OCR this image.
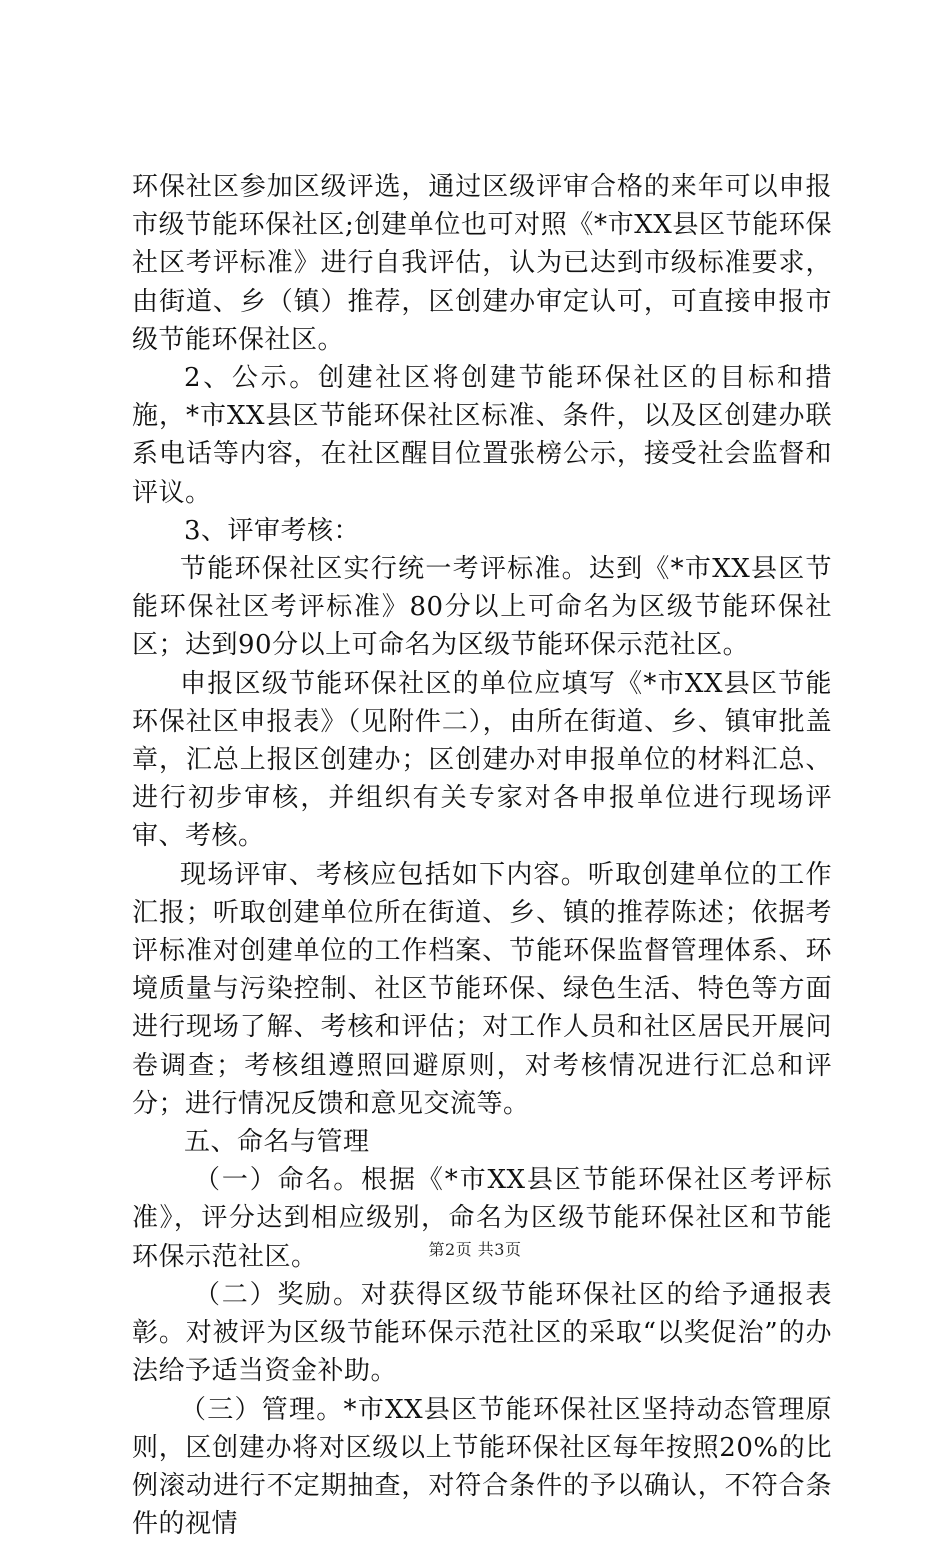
环保社区参加区级评选，通过区级评审合格的来年可以申报市级节能环保社区;创建单位也可对照《*市XX县区节能环保社区考评标准》进行自我评估，认为已达到市级标准要求，由街道、乡（镇）推荐，区创建办审定认可，可直接申报市级节能环保社区。

2、公示。创建社区将创建节能环保社区的目标和措施，*市XX县区节能环保社区标准、条件，以及区创建办联系电话等内容，在社区醒目位置张榜公示，接受社会监督和评议。

3、评审考核：

节能环保社区实行统一考评标准。达到《*市XX县区节能环保社区考评标准》80分以上可命名为区级节能环保社区；达到90分以上可命名为区级节能环保示范社区。

申报区级节能环保社区的单位应填写《*市XX县区节能环保社区申报表》（见附件二），由所在街道、乡、镇审批盖章，汇总上报区创建办；区创建办对申报单位的材料汇总、进行初步审核，并组织有关专家对各申报单位进行现场评审、考核。

现场评审、考核应包括如下内容。听取创建单位的工作汇报；听取创建单位所在街道、乡、镇的推荐陈述；依据考评标准对创建单位的工作档案、节能环保监督管理体系、环境质量与污染控制、社区节能环保、绿色生活、特色等方面进行现场了解、考核和评估；对工作人员和社区居民开展问卷调查；考核组遵照回避原则，对考核情况进行汇总和评分；进行情况反馈和意见交流等。

五、命名与管理

（一）命名。根据《*市XX县区节能环保社区考评标准》，评分达到相应级别，命名为区级节能环保社区和节能环保示范社区。

（二）奖励。对获得区级节能环保社区的给予通报表彰。对被评为区级节能环保示范社区的采取“以奖促治”的办法给予适当资金补助。

（三）管理。*市XX县区节能环保社区坚持动态管理原则，区创建办将对区级以上节能环保社区每年按照20%的比例滚动进行不定期抽查，对符合条件的予以确认，不符合条件的视情

第2页 共3页
